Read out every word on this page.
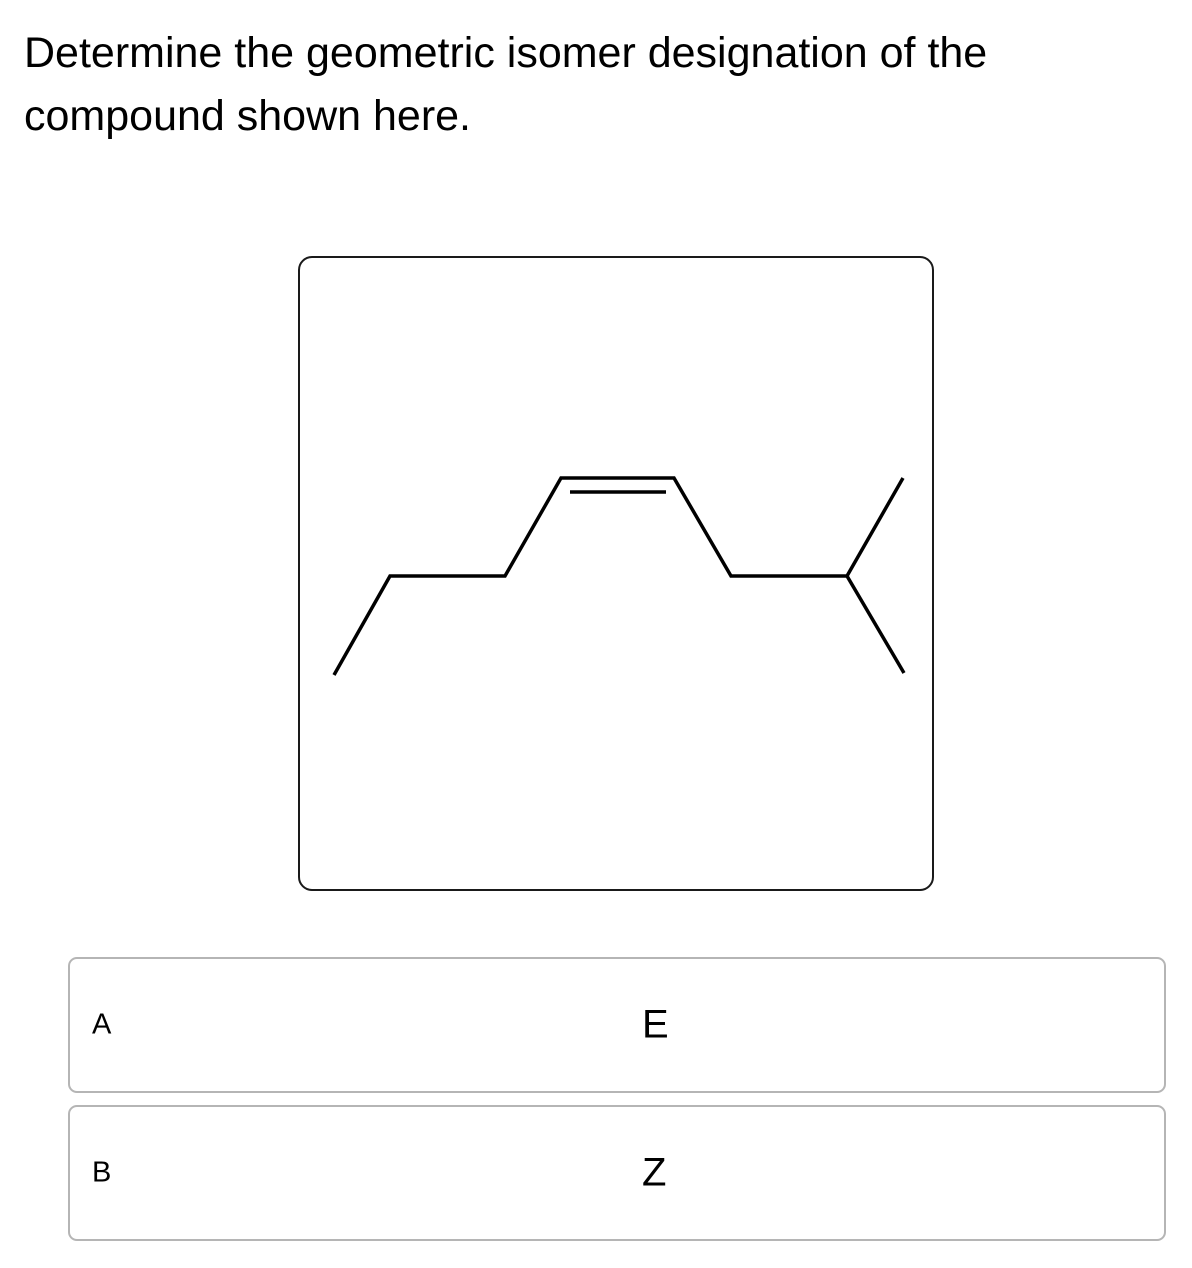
Determine the geometric isomer designation of the compound shown here.

A	E
B	Z
